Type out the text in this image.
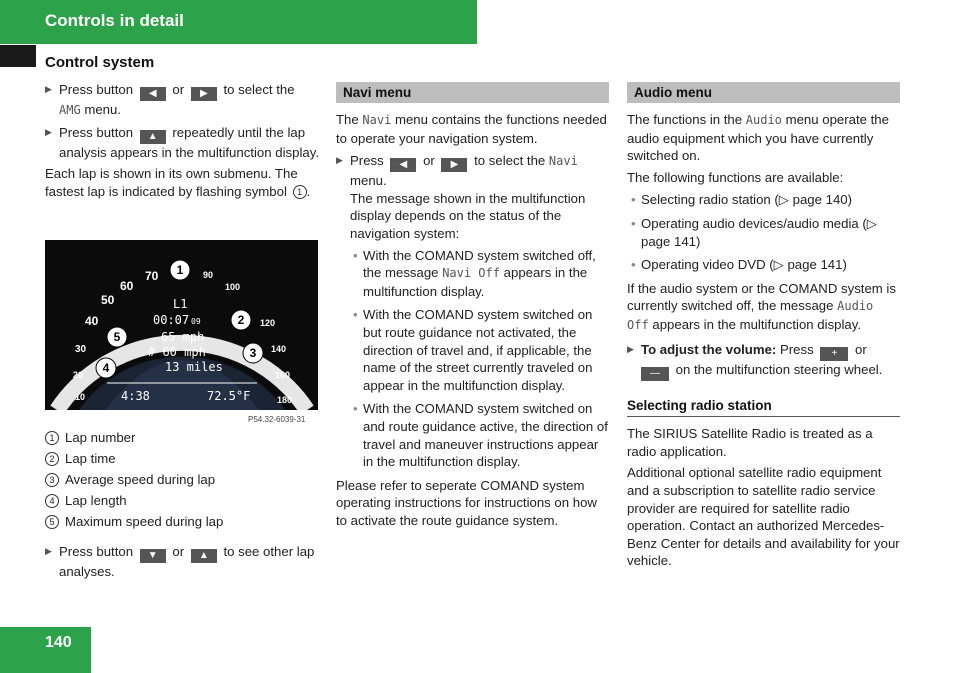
Controls in detail
Control system

▶ Press button ◀ or ▶ to select the AMG menu.

▶ Press button ▲ repeatedly until the lap analysis appears in the multifunction display.

Each lap is shown in its own submenu. The fastest lap is indicated by flashing symbol 1 .

70
60
50
40
30
20
10
90
100
120
140
160
180
L1
00:07 09
65 mph
# 60 mph
13 miles
4:38	72.5°F
1
2
3
4
5
P54.32-6039-31
1 Lap number
2 Lap time
3 Average speed during lap
4 Lap length
5 Maximum speed during lap

▶ Press button ▼ or ▲ to see other lap analyses.

Navi menu

The Navi menu contains the functions needed to operate your navigation system.

▶ Press ◀ or ▶ to select the Navi menu.

The message shown in the multifunction display depends on the status of the navigation system:

• With the COMAND system switched off, the message Navi Off appears in the multifunction display.

• With the COMAND system switched on but route guidance not activated, the direction of travel and, if applicable, the name of the street currently traveled on appear in the multifunction display.

• With the COMAND system switched on and route guidance active, the direction of travel and maneuver instructions appear in the multifunction display.

Please refer to seperate COMAND system operating instructions for instructions on how to activate the route guidance system.

Audio menu

The functions in the Audio menu operate the audio equipment which you have currently switched on.

The following functions are available:

• Selecting radio station (▷ page 140)

• Operating audio devices/audio media (▷ page 141)

• Operating video DVD (▷ page 141)

If the audio system or the COMAND system is currently switched off, the message Audio Off appears in the multifunction display.

▶ To adjust the volume: Press + or — on the multifunction steering wheel.

Selecting radio station

The SIRIUS Satellite Radio is treated as a radio application.

Additional optional satellite radio equipment and a subscription to satellite radio service provider are required for satellite radio operation. Contact an authorized Mercedes-Benz Center for details and availability for your vehicle.

140
